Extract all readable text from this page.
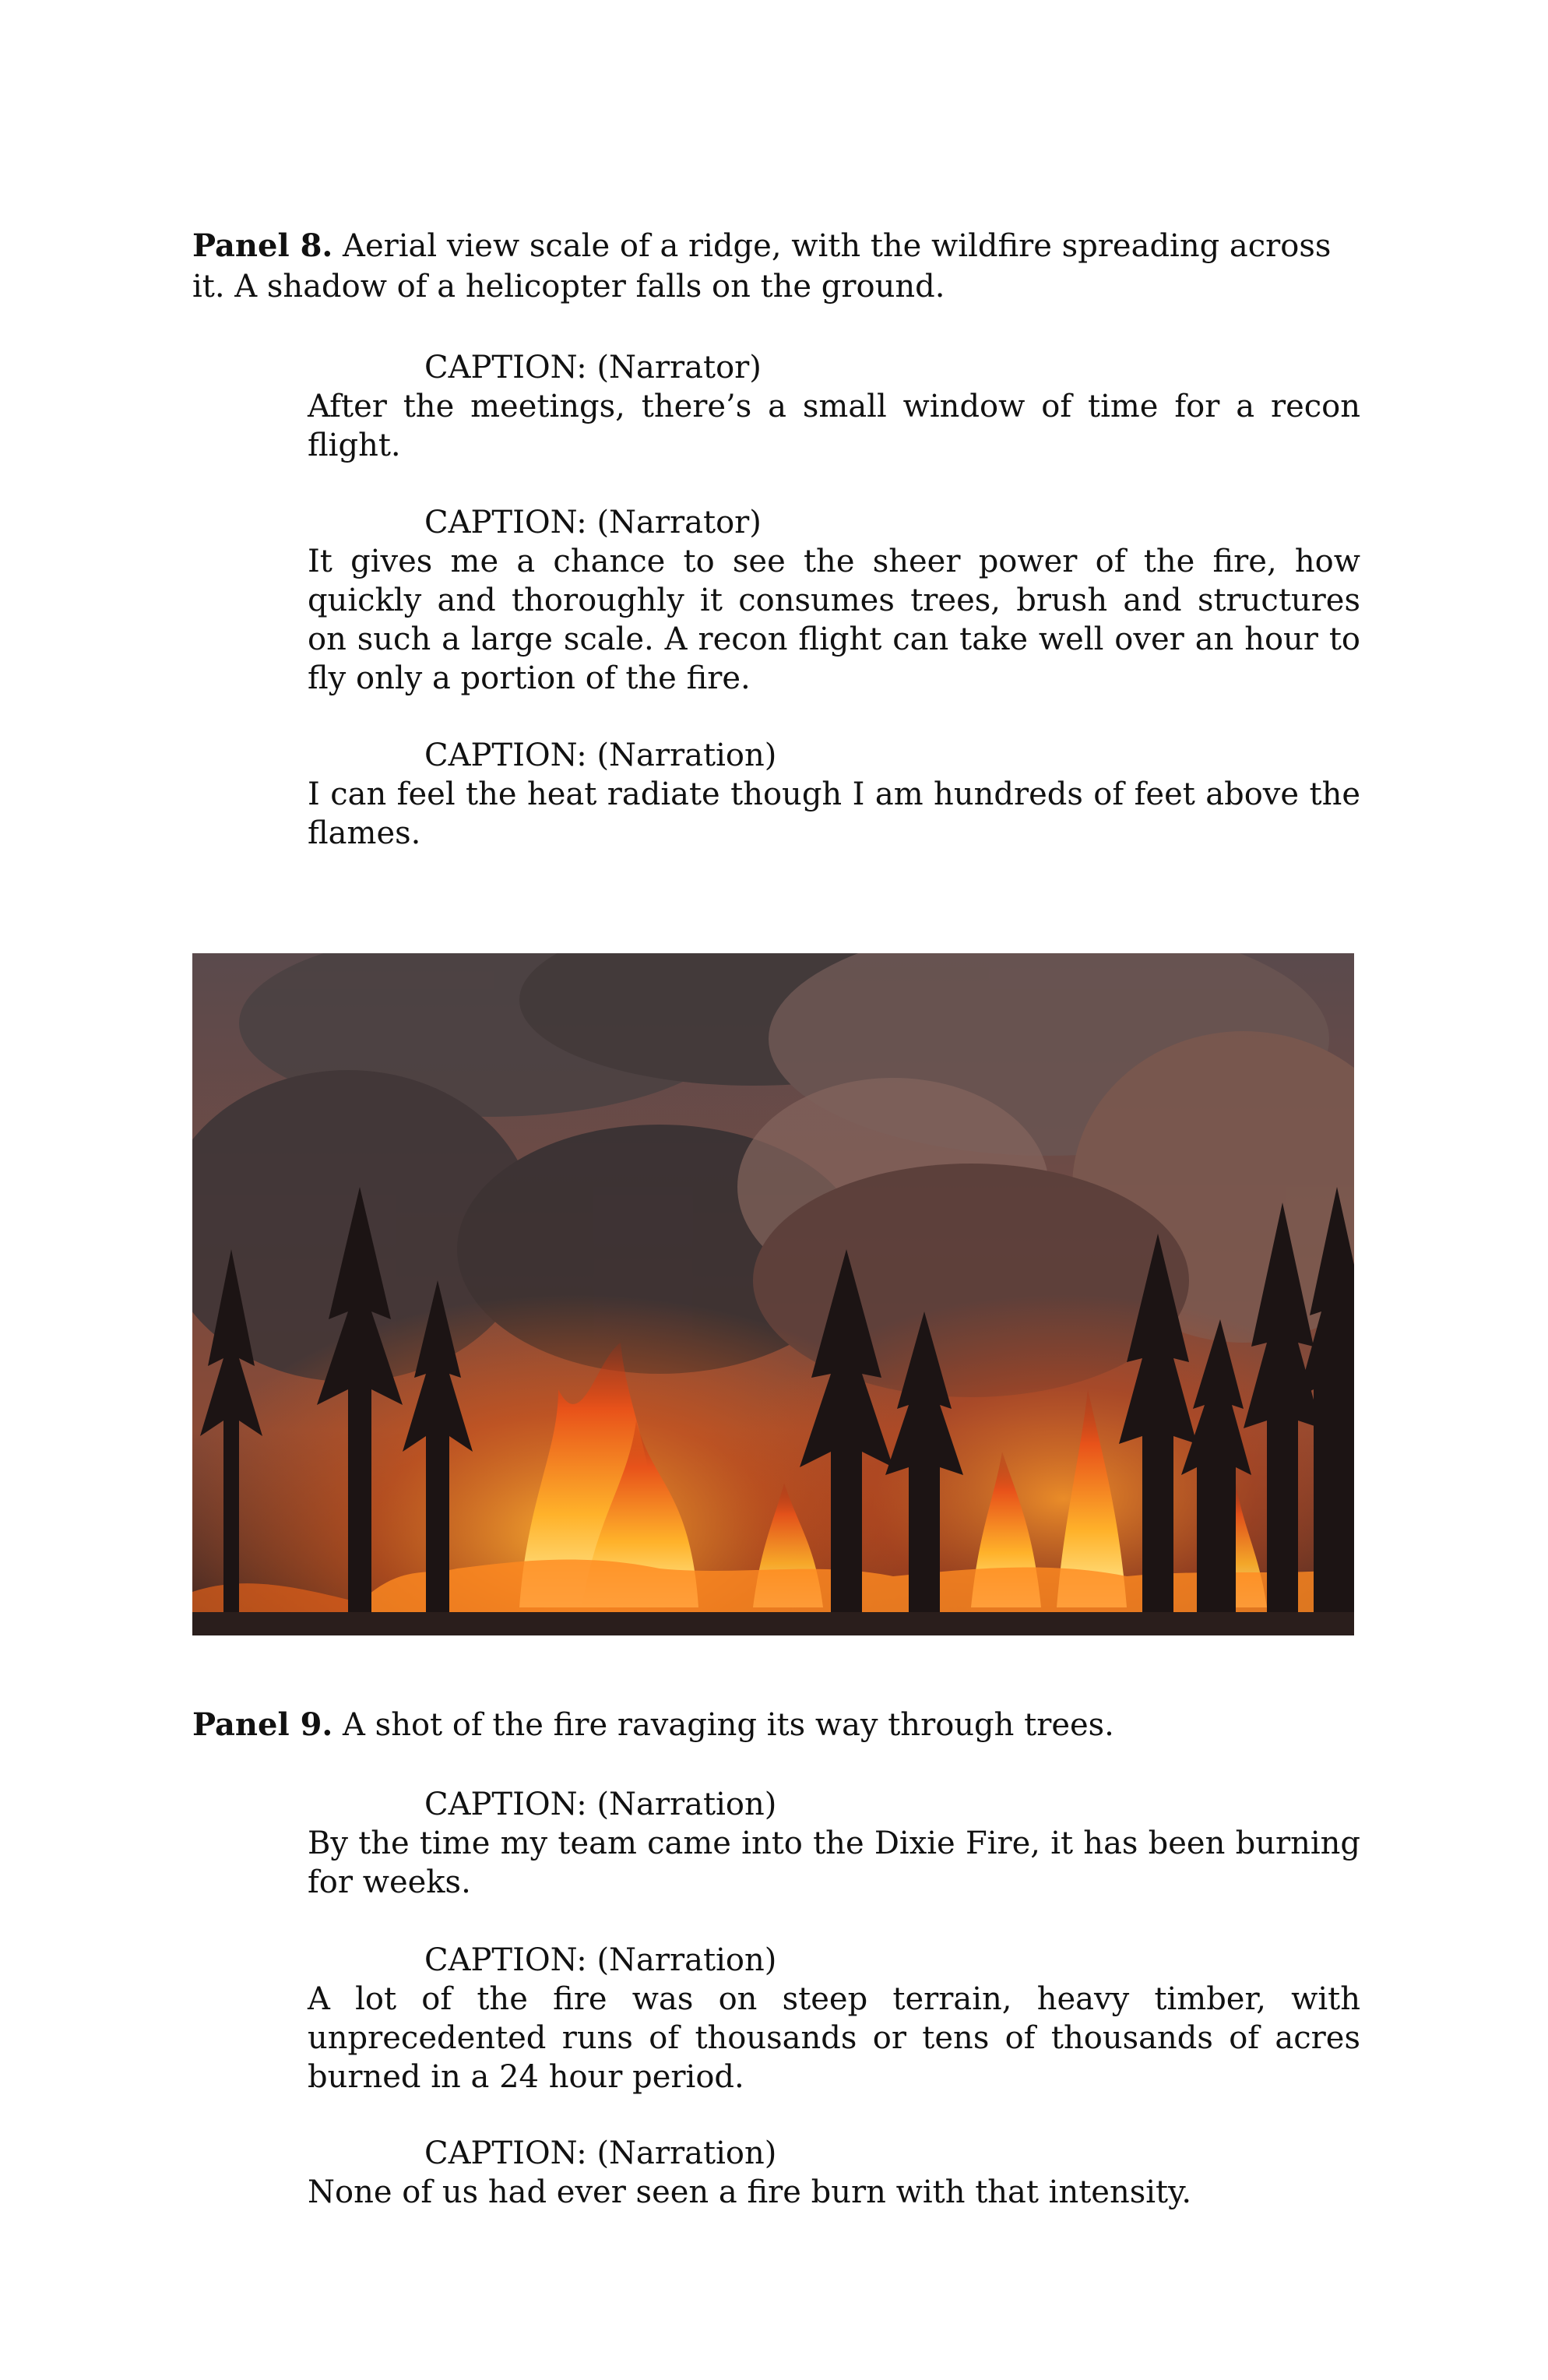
Panel 8. Aerial view scale of a ridge, with the wildfire spreading across it. A shadow of a helicopter falls on the ground.

CAPTION: (Narrator)
After the meetings, there’s a small window of time for a recon flight.
CAPTION: (Narrator)
It gives me a chance to see the sheer power of the fire, how quickly and thoroughly it consumes trees, brush and structures on such a large scale. A recon flight can take well over an hour to fly only a portion of the fire.
CAPTION: (Narration)
I can feel the heat radiate though I am hundreds of feet above the flames.

Panel 9. A shot of the fire ravaging its way through trees.

CAPTION: (Narration)
By the time my team came into the Dixie Fire, it has been burning for weeks.
CAPTION: (Narration)
A lot of the fire was on steep terrain, heavy timber, with unprecedented runs of thousands or tens of thousands of acres burned in a 24 hour period.
CAPTION: (Narration)
None of us had ever seen a fire burn with that intensity.
